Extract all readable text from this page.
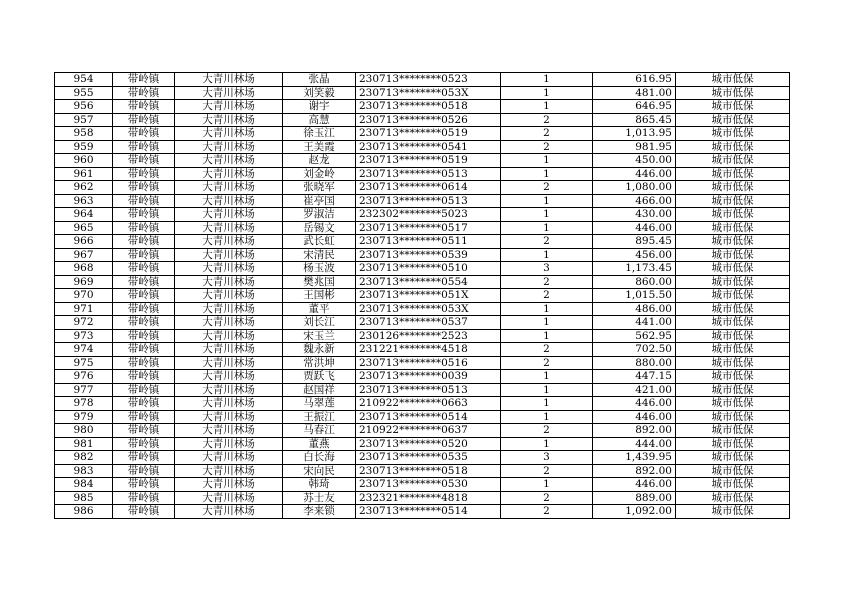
954	带岭镇	大青川林场	张晶	230713********0523	1	616.95	城市低保
955	带岭镇	大青川林场	刘笑毅	230713********053X	1	481.00	城市低保
956	带岭镇	大青川林场	谢宇	230713********0518	1	646.95	城市低保
957	带岭镇	大青川林场	高慧	230713********0526	2	865.45	城市低保
958	带岭镇	大青川林场	徐玉江	230713********0519	2	1,013.95	城市低保
959	带岭镇	大青川林场	王美霞	230713********0541	2	981.95	城市低保
960	带岭镇	大青川林场	赵龙	230713********0519	1	450.00	城市低保
961	带岭镇	大青川林场	刘金岭	230713********0513	1	446.00	城市低保
962	带岭镇	大青川林场	张晓军	230713********0614	2	1,080.00	城市低保
963	带岭镇	大青川林场	崔亭国	230713********0513	1	466.00	城市低保
964	带岭镇	大青川林场	罗淑洁	232302********5023	1	430.00	城市低保
965	带岭镇	大青川林场	岳锡文	230713********0517	1	446.00	城市低保
966	带岭镇	大青川林场	武长虹	230713********0511	2	895.45	城市低保
967	带岭镇	大青川林场	宋清民	230713********0539	1	456.00	城市低保
968	带岭镇	大青川林场	杨玉波	230713********0510	3	1,173.45	城市低保
969	带岭镇	大青川林场	樊兆国	230713********0554	2	860.00	城市低保
970	带岭镇	大青川林场	王国彬	230713********051X	2	1,015.50	城市低保
971	带岭镇	大青川林场	董平	230713********053X	1	486.00	城市低保
972	带岭镇	大青川林场	刘长江	230713********0537	1	441.00	城市低保
973	带岭镇	大青川林场	宋玉兰	230126********2523	1	562.95	城市低保
974	带岭镇	大青川林场	魏永新	231221********4518	2	702.50	城市低保
975	带岭镇	大青川林场	常洪坤	230713********0516	2	880.00	城市低保
976	带岭镇	大青川林场	贾跃飞	230713********0039	1	447.15	城市低保
977	带岭镇	大青川林场	赵国祥	230713********0513	1	421.00	城市低保
978	带岭镇	大青川林场	马翠莲	210922********0663	1	446.00	城市低保
979	带岭镇	大青川林场	王振江	230713********0514	1	446.00	城市低保
980	带岭镇	大青川林场	马春江	210922********0637	2	892.00	城市低保
981	带岭镇	大青川林场	董燕	230713********0520	1	444.00	城市低保
982	带岭镇	大青川林场	白长海	230713********0535	3	1,439.95	城市低保
983	带岭镇	大青川林场	宋向民	230713********0518	2	892.00	城市低保
984	带岭镇	大青川林场	韩琦	230713********0530	1	446.00	城市低保
985	带岭镇	大青川林场	苏士友	232321********4818	2	889.00	城市低保
986	带岭镇	大青川林场	李来锁	230713********0514	2	1,092.00	城市低保
